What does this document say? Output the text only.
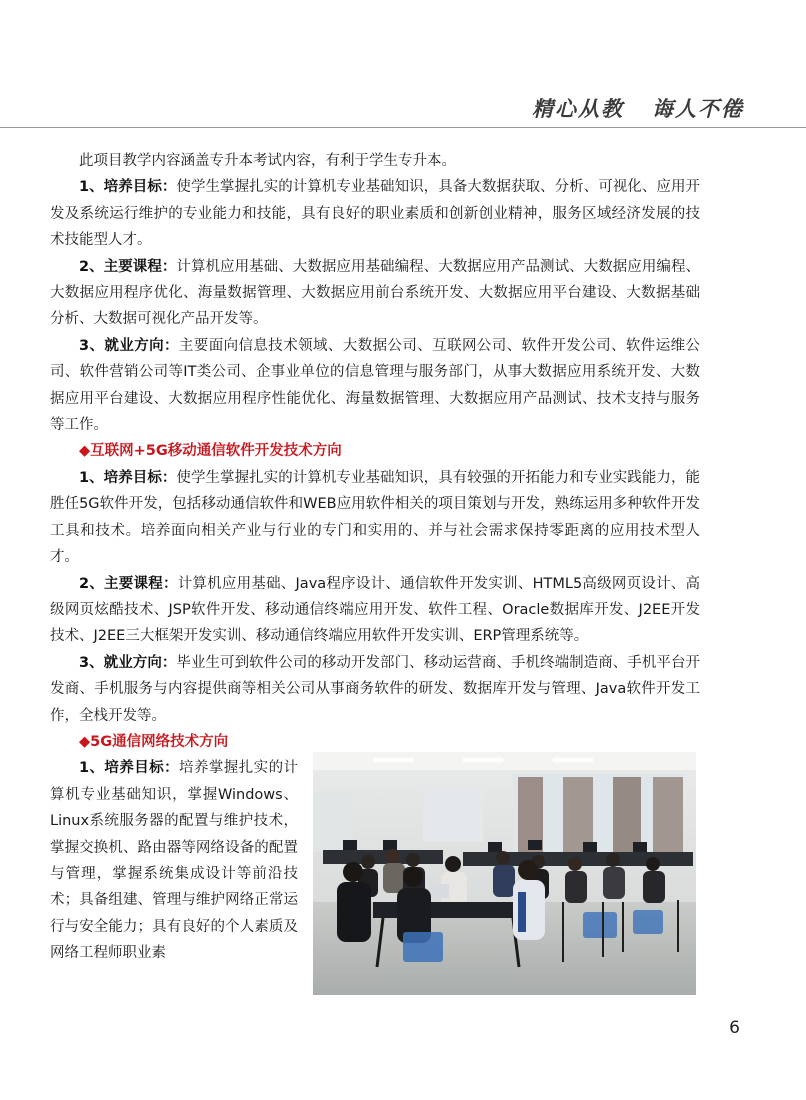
精心从教   诲人不倦

此项目教学内容涵盖专升本考试内容，有利于学生专升本。

1、培养目标：使学生掌握扎实的计算机专业基础知识，具备大数据获取、分析、可视化、应用开发及系统运行维护的专业能力和技能，具有良好的职业素质和创新创业精神，服务区域经济发展的技术技能型人才。

2、主要课程：计算机应用基础、大数据应用基础编程、大数据应用产品测试、大数据应用编程、大数据应用程序优化、海量数据管理、大数据应用前台系统开发、大数据应用平台建设、大数据基础分析、大数据可视化产品开发等。

3、就业方向：主要面向信息技术领域、大数据公司、互联网公司、软件开发公司、软件运维公司、软件营销公司等IT类公司、企事业单位的信息管理与服务部门，从事大数据应用系统开发、大数据应用平台建设、大数据应用程序性能优化、海量数据管理、大数据应用产品测试、技术支持与服务等工作。

◆互联网+5G移动通信软件开发技术方向

1、培养目标：使学生掌握扎实的计算机专业基础知识，具有较强的开拓能力和专业实践能力，能胜任5G软件开发，包括移动通信软件和WEB应用软件相关的项目策划与开发，熟练运用多种软件开发工具和技术。培养面向相关产业与行业的专门和实用的、并与社会需求保持零距离的应用技术型人才。

2、主要课程：计算机应用基础、Java程序设计、通信软件开发实训、HTML5高级网页设计、高级网页炫酷技术、JSP软件开发、移动通信终端应用开发、软件工程、Oracle数据库开发、J2EE开发技术、J2EE三大框架开发实训、移动通信终端应用软件开发实训、ERP管理系统等。

3、就业方向：毕业生可到软件公司的移动开发部门、移动运营商、手机终端制造商、手机平台开发商、手机服务与内容提供商等相关公司从事商务软件的研发、数据库开发与管理、Java软件开发工作，全栈开发等。

◆5G通信网络技术方向

1、培养目标：培养掌握扎实的计算机专业基础知识，掌握Windows、Linux系统服务器的配置与维护技术，掌握交换机、路由器等网络设备的配置与管理，掌握系统集成设计等前沿技术；具备组建、管理与维护网络正常运行与安全能力；具有良好的个人素质及网络工程师职业素

6
